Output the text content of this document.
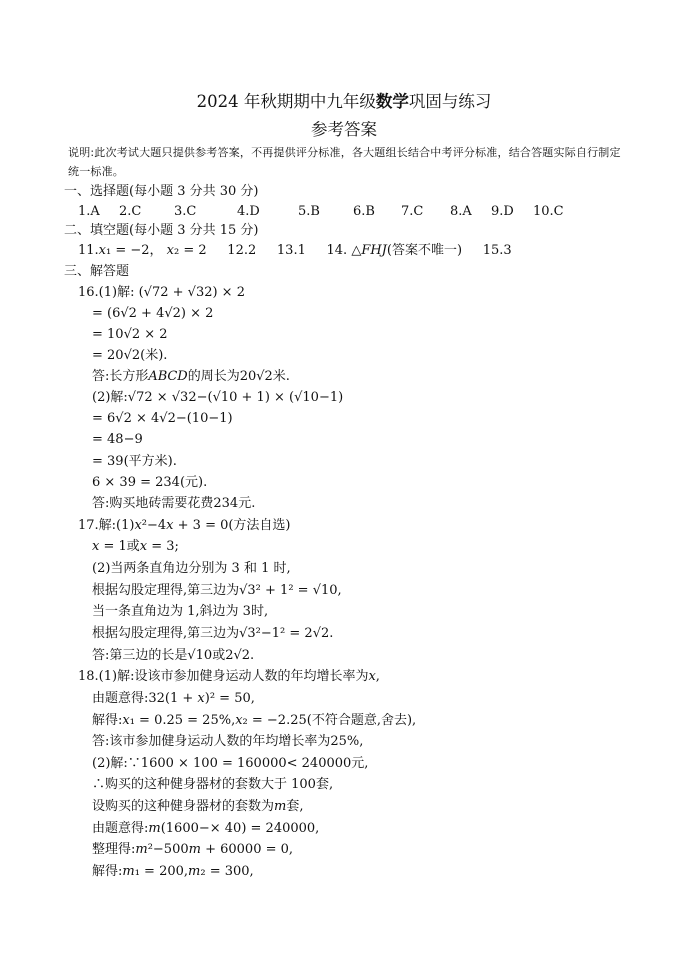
2024 年秋期期中九年级数学巩固与练习
参考答案
说明:此次考试大题只提供参考答案，不再提供评分标准，各大题组长结合中考评分标准，结合答题实际自行制定统一标准。
一、选择题(每小题 3 分共 30 分)
1.A 2.C	3.C	4.D	5.B	6.B 7.C 8.A 9.D 10.C
二、填空题(每小题 3 分共 15 分)
11.𝑥₁ = −2， 𝑥₂ = 2     12.2     13.1     14. △𝐹𝐻𝐽(答案不唯一)     15.3
三、解答题
16.(1)解: (√72 + √32) × 2
= (6√2 + 4√2) × 2
= 10√2 × 2
= 20√2(米).
答:长方形𝐴𝐵𝐶𝐷的周长为20√2米.
(2)解:√72 × √32−(√10 + 1) × (√10−1)
= 6√2 × 4√2−(10−1)
= 48−9
= 39(平方米).
6 × 39 = 234(元).
答:购买地砖需要花费234元.
17.解:(1)𝑥²−4𝑥 + 3 = 0(方法自选)
𝑥 = 1或𝑥 = 3;
(2)当两条直角边分别为 3 和 1 时,
根据勾股定理得,第三边为√3² + 1² = √10,
当一条直角边为 1,斜边为 3时,
根据勾股定理得,第三边为√3²−1² = 2√2.
答:第三边的长是√10或2√2.
18.(1)解:设该市参加健身运动人数的年均增长率为𝑥,
由题意得:32(1 + 𝑥)² = 50,
解得:𝑥₁ = 0.25 = 25%,𝑥₂ = −2.25(不符合题意,舍去),
答:该市参加健身运动人数的年均增长率为25%,
(2)解:∵1600 × 100 = 160000< 240000元,
∴购买的这种健身器材的套数大于 100套,
设购买的这种健身器材的套数为𝑚套,
由题意得:𝑚(1600−× 40) = 240000,
整理得:𝑚²−500𝑚 + 60000 = 0,
解得:𝑚₁ = 200,𝑚₂ = 300,
